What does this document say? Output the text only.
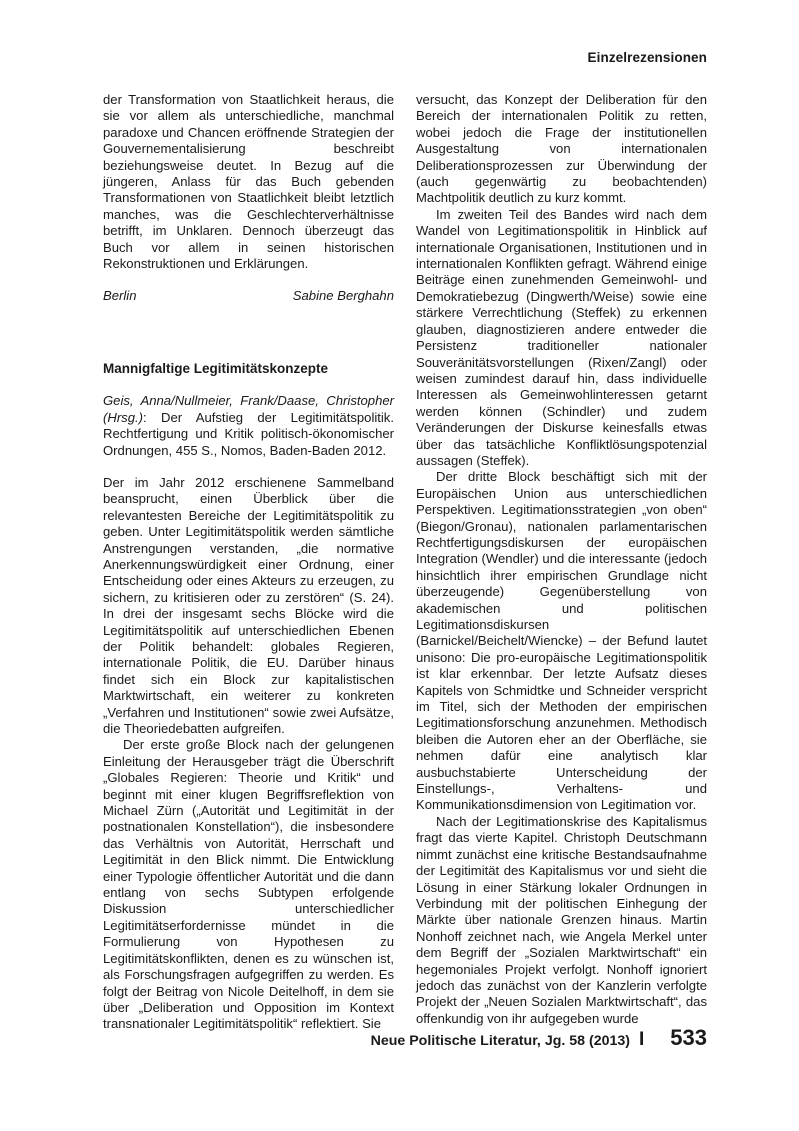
Einzelrezensionen

der Transformation von Staatlichkeit heraus, die sie vor allem als unterschiedliche, manchmal paradoxe und Chancen eröffnende Strategien der Gouvernementalisierung beschreibt beziehungsweise deutet. In Bezug auf die jüngeren, Anlass für das Buch gebenden Transformationen von Staatlichkeit bleibt letztlich manches, was die Geschlechterverhältnisse betrifft, im Unklaren. Dennoch überzeugt das Buch vor allem in seinen historischen Rekonstruktionen und Erklärungen.

Berlin	Sabine Berghahn
Mannigfaltige Legitimitätskonzepte

Geis, Anna/Nullmeier, Frank/Daase, Christopher (Hrsg.): Der Aufstieg der Legitimitätspolitik. Rechtfertigung und Kritik politisch-ökonomischer Ordnungen, 455 S., Nomos, Baden-Baden 2012.

Der im Jahr 2012 erschienene Sammelband beansprucht, einen Überblick über die relevantesten Bereiche der Legitimitätspolitik zu geben. Unter Legitimitätspolitik werden sämtliche Anstrengungen verstanden, „die normative Anerkennungswürdigkeit einer Ordnung, einer Entscheidung oder eines Akteurs zu erzeugen, zu sichern, zu kritisieren oder zu zerstören“ (S. 24). In drei der insgesamt sechs Blöcke wird die Legitimitätspolitik auf unterschiedlichen Ebenen der Politik behandelt: globales Regieren, internationale Politik, die EU. Darüber hinaus findet sich ein Block zur kapitalistischen Marktwirtschaft, ein weiterer zu konkreten „Verfahren und Institutionen“ sowie zwei Aufsätze, die Theoriedebatten aufgreifen.

Der erste große Block nach der gelungenen Einleitung der Herausgeber trägt die Überschrift „Globales Regieren: Theorie und Kritik“ und beginnt mit einer klugen Begriffsreflektion von Michael Zürn („Autorität und Legitimität in der postnationalen Konstellation“), die insbesondere das Verhältnis von Autorität, Herrschaft und Legitimität in den Blick nimmt. Die Entwicklung einer Typologie öffentlicher Autorität und die dann entlang von sechs Subtypen erfolgende Diskussion unterschiedlicher Legitimitätserfordernisse mündet in die Formulierung von Hypothesen zu Legitimitätskonflikten, denen es zu wünschen ist, als Forschungsfragen aufgegriffen zu werden. Es folgt der Beitrag von Nicole Deitelhoff, in dem sie über „Deliberation und Opposition im Kontext transnationaler Legitimitätspolitik“ reflektiert. Sie

versucht, das Konzept der Deliberation für den Bereich der internationalen Politik zu retten, wobei jedoch die Frage der institutionellen Ausgestaltung von internationalen Deliberationsprozessen zur Überwindung der (auch gegenwärtig zu beobachtenden) Machtpolitik deutlich zu kurz kommt.

Im zweiten Teil des Bandes wird nach dem Wandel von Legitimationspolitik in Hinblick auf internationale Organisationen, Institutionen und in internationalen Konflikten gefragt. Während einige Beiträge einen zunehmenden Gemeinwohl- und Demokratiebezug (Dingwerth/Weise) sowie eine stärkere Verrechtlichung (Steffek) zu erkennen glauben, diagnostizieren andere entweder die Persistenz traditioneller nationaler Souveränitätsvorstellungen (Rixen/Zangl) oder weisen zumindest darauf hin, dass individuelle Interessen als Gemeinwohlinteressen getarnt werden können (Schindler) und zudem Veränderungen der Diskurse keinesfalls etwas über das tatsächliche Konfliktlösungspotenzial aussagen (Steffek).

Der dritte Block beschäftigt sich mit der Europäischen Union aus unterschiedlichen Perspektiven. Legitimationsstrategien „von oben“ (Biegon/Gronau), nationalen parlamentarischen Rechtfertigungsdiskursen der europäischen Integration (Wendler) und die interessante (jedoch hinsichtlich ihrer empirischen Grundlage nicht überzeugende) Gegenüberstellung von akademischen und politischen Legitimationsdiskursen (Barnickel/Beichelt/Wiencke) – der Befund lautet unisono: Die pro-europäische Legitimationspolitik ist klar erkennbar. Der letzte Aufsatz dieses Kapitels von Schmidtke und Schneider verspricht im Titel, sich der Methoden der empirischen Legitimationsforschung anzunehmen. Methodisch bleiben die Autoren eher an der Oberfläche, sie nehmen dafür eine analytisch klar ausbuchstabierte Unterscheidung der Einstellungs-, Verhaltens- und Kommunikationsdimension von Legitimation vor.

Nach der Legitimationskrise des Kapitalismus fragt das vierte Kapitel. Christoph Deutschmann nimmt zunächst eine kritische Bestandsaufnahme der Legitimität des Kapitalismus vor und sieht die Lösung in einer Stärkung lokaler Ordnungen in Verbindung mit der politischen Einhegung der Märkte über nationale Grenzen hinaus. Martin Nonhoff zeichnet nach, wie Angela Merkel unter dem Begriff der „Sozialen Marktwirtschaft“ ein hegemoniales Projekt verfolgt. Nonhoff ignoriert jedoch das zunächst von der Kanzlerin verfolgte Projekt der „Neuen Sozialen Marktwirtschaft“, das offenkundig von ihr aufgegeben wurde

Neue Politische Literatur, Jg. 58 (2013) I 533
